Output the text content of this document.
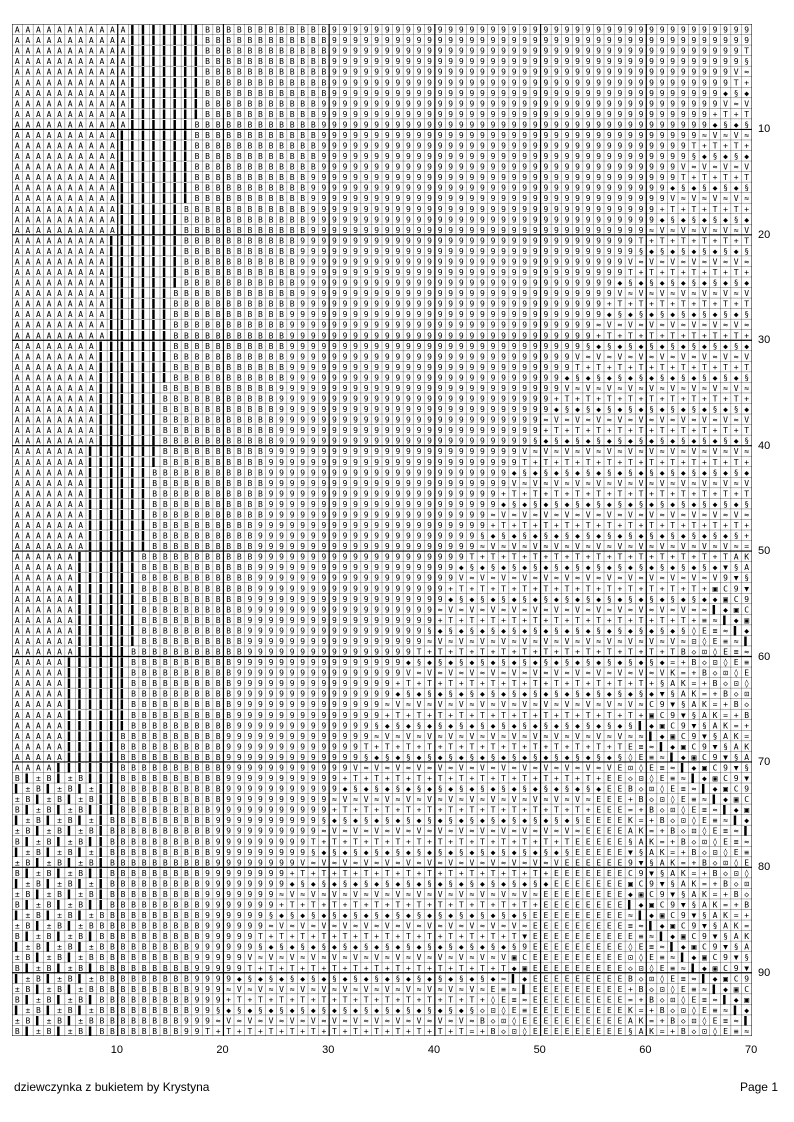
A A A A A A A A A A A ▌ ▌ ▌ ▌ ▌ ▌ ▌ B B B B B B B B B B B B 9 9 9 9 9 9 9 9 9 9 9 9 9 9 9 9 9 9 9 9 9 9 9 9 9 9 9 9 9 9 9 9 9 9 9 9 9 9 9 9
A A A A A A A A A A A ▌ ▌ ▌ ▌ ▌ ▌ ▌ B B B B B B B B B B B B 9 9 9 9 9 9 9 9 9 9 9 9 9 9 9 9 9 9 9 9 9 9 9 9 9 9 9 9 9 9 9 9 9 9 9 9 9 9 9 9
A A A A A A A A A A A ▌ ▌ ▌ ▌ ▌ ▌ ▌ B B B B B B B B B B B B 9 9 9 9 9 9 9 9 9 9 9 9 9 9 9 9 9 9 9 9 9 9 9 9 9 9 9 9 9 9 9 9 9 9 9 9 9 9 9 T
A A A A A A A A A A A ▌ ▌ ▌ ▌ ▌ ▌ ▌ B B B B B B B B B B B B 9 9 9 9 9 9 9 9 9 9 9 9 9 9 9 9 9 9 9 9 9 9 9 9 9 9 9 9 9 9 9 9 9 9 9 9 9 9 9 §
A A A A A A A A A A A ▌ ▌ ▌ ▌ ▌ ▌ ▌ B B B B B B B B B B B B 9 9 9 9 9 9 9 9 9 9 9 9 9 9 9 9 9 9 9 9 9 9 9 9 9 9 9 9 9 9 9 9 9 9 9 9 9 9 V ≈
A A A A A A A A A A A ▌ ▌ ▌ ▌ ▌ ▌ ▌ B B B B B B B B B B B B 9 9 9 9 9 9 9 9 9 9 9 9 9 9 9 9 9 9 9 9 9 9 9 9 9 9 9 9 9 9 9 9 9 9 9 9 9 9 T +
A A A A A A A A A A A ▌ ▌ ▌ ▌ ▌ ▌ ▌ B B B B B B B B B B B B 9 9 9 9 9 9 9 9 9 9 9 9 9 9 9 9 9 9 9 9 9 9 9 9 9 9 9 9 9 9 9 9 9 9 9 9 9 ◆ § ◆
A A A A A A A A A A A ▌ ▌ ▌ ▌ ▌ ▌ ▌ B B B B B B B B B B B 9 9 9 9 9 9 9 9 9 9 9 9 9 9 9 9 9 9 9 9 9 9 9 9 9 9 9 9 9 9 9 9 9 9 9 9 9 9 V ≈ V
A A A A A A A A A A A ▌ ▌ ▌ ▌ ▌ ▌ ▌ B B B B B B B B B B B 9 9 9 9 9 9 9 9 9 9 9 9 9 9 9 9 9 9 9 9 9 9 9 9 9 9 9 9 9 9 9 9 9 9 9 9 9 + T + T
A A A A A A A A A A A ▌ ▌ ▌ ▌ ▌ ▌ B B B B B B B B B B B B 9 9 9 9 9 9 9 9 9 9 9 9 9 9 9 9 9 9 9 9 9 9 9 9 9 9 9 9 9 9 9 9 9 9 9 9 9 ◆ § ◆ §
A A A A A A A A A A ▌ ▌ ▌ ▌ ▌ ▌ ▌ B B B B B B B B B B B B 9 9 9 9 9 9 9 9 9 9 9 9 9 9 9 9 9 9 9 9 9 9 9 9 9 9 9 9 9 9 9 9 9 9 9 9 ≈ V ≈ V ≈
A A A A A A A A A A ▌ ▌ ▌ ▌ ▌ ▌ ▌ B B B B B B B B B B B B 9 9 9 9 9 9 9 9 9 9 9 9 9 9 9 9 9 9 9 9 9 9 9 9 9 9 9 9 9 9 9 9 9 9 9 T + T + T +
A A A A A A A A A A ▌ ▌ ▌ ▌ ▌ ▌ ▌ B B B B B B B B B B B B 9 9 9 9 9 9 9 9 9 9 9 9 9 9 9 9 9 9 9 9 9 9 9 9 9 9 9 9 9 9 9 9 9 9 9 § ◆ § ◆ § ◆
A A A A A A A A A A ▌ ▌ ▌ ▌ ▌ ▌ ▌ B B B B B B B B B B B B 9 9 9 9 9 9 9 9 9 9 9 9 9 9 9 9 9 9 9 9 9 9 9 9 9 9 9 9 9 9 9 9 9 9 V ≈ V ≈ V ≈ V
A A A A A A A A A A ▌ ▌ ▌ ▌ ▌ ▌ ▌ B B B B B B B B B B B 9 9 9 9 9 9 9 9 9 9 9 9 9 9 9 9 9 9 9 9 9 9 9 9 9 9 9 9 9 9 9 9 9 9 9 T + T + T + T
A A A A A A A A A A ▌ ▌ ▌ ▌ ▌ ▌ ▌ B B B B B B B B B B B 9 9 9 9 9 9 9 9 9 9 9 9 9 9 9 9 9 9 9 9 9 9 9 9 9 9 9 9 9 9 9 9 9 9 ◆ § ◆ § ◆ § ◆ §
A A A A A A A A A A ▌ ▌ ▌ ▌ ▌ ▌ ▌ B B B B B B B B B B B 9 9 9 9 9 9 9 9 9 9 9 9 9 9 9 9 9 9 9 9 9 9 9 9 9 9 9 9 9 9 9 9 9 9 V ≈ V ≈ V ≈ V ≈
A A A A A A A A A A ▌ ▌ ▌ ▌ ▌ ▌ B B B B B B B B B B B B 9 9 9 9 9 9 9 9 9 9 9 9 9 9 9 9 9 9 9 9 9 9 9 9 9 9 9 9 9 9 9 9 9 + T + T + T + T +
A A A A A A A A A A ▌ ▌ ▌ ▌ ▌ ▌ B B B B B B B B B B B B 9 9 9 9 9 9 9 9 9 9 9 9 9 9 9 9 9 9 9 9 9 9 9 9 9 9 9 9 9 9 9 9 9 ◆ § ◆ § ◆ § ◆ § ◆
A A A A A A A A A A ▌ ▌ ▌ ▌ ▌ ▌ B B B B B B B B B B B B 9 9 9 9 9 9 9 9 9 9 9 9 9 9 9 9 9 9 9 9 9 9 9 9 9 9 9 9 9 9 9 9 ≈ V ≈ V ≈ V ≈ V ≈ V
A A A A A A A A A ▌ ▌ ▌ ▌ ▌ ▌ ▌ B B B B B B B B B B B 9 9 9 9 9 9 9 9 9 9 9 9 9 9 9 9 9 9 9 9 9 9 9 9 9 9 9 9 9 9 9 9 T + T + T + T + T + T
A A A A A A A A A ▌ ▌ ▌ ▌ ▌ ▌ ▌ B B B B B B B B B B B 9 9 9 9 9 9 9 9 9 9 9 9 9 9 9 9 9 9 9 9 9 9 9 9 9 9 9 9 9 9 9 9 § ◆ § ◆ § ◆ § ◆ § ◆ §
A A A A A A A A A ▌ ▌ ▌ ▌ ▌ ▌ ▌ B B B B B B B B B B B 9 9 9 9 9 9 9 9 9 9 9 9 9 9 9 9 9 9 9 9 9 9 9 9 9 9 9 9 9 9 9 V ≈ V ≈ V ≈ V ≈ V ≈ V ≈
A A A A A A A A A ▌ ▌ ▌ ▌ ▌ ▌ ▌ B B B B B B B B B B B 9 9 9 9 9 9 9 9 9 9 9 9 9 9 9 9 9 9 9 9 9 9 9 9 9 9 9 9 9 9 9 T + T + T + T + T + T +
A A A A A A A A A ▌ ▌ ▌ ▌ ▌ ▌ ▌ B B B B B B B B B B B 9 9 9 9 9 9 9 9 9 9 9 9 9 9 9 9 9 9 9 9 9 9 9 9 9 9 9 9 9 9 ◆ § ◆ § ◆ § ◆ § ◆ § ◆ § ◆
A A A A A A A A A ▌ ▌ ▌ ▌ ▌ ▌ B B B B B B B B B B B B 9 9 9 9 9 9 9 9 9 9 9 9 9 9 9 9 9 9 9 9 9 9 9 9 9 9 9 9 9 9 V ≈ V ≈ V ≈ V ≈ V ≈ V ≈ V
A A A A A A A A A ▌ ▌ ▌ ▌ ▌ ▌ B B B B B B B B B B B B 9 9 9 9 9 9 9 9 9 9 9 9 9 9 9 9 9 9 9 9 9 9 9 9 9 9 9 9 9 + T + T + T + T + T + T + T
A A A A A A A A A ▌ ▌ ▌ ▌ ▌ ▌ B B B B B B B B B B B 9 9 9 9 9 9 9 9 9 9 9 9 9 9 9 9 9 9 9 9 9 9 9 9 9 9 9 9 9 9 ◆ § ◆ § ◆ § ◆ § ◆ § ◆ § ◆ §
A A A A A A A A A ▌ ▌ ▌ ▌ ▌ ▌ B B B B B B B B B B B 9 9 9 9 9 9 9 9 9 9 9 9 9 9 9 9 9 9 9 9 9 9 9 9 9 9 9 9 9 ≈ V ≈ V ≈ V ≈ V ≈ V ≈ V ≈ V ≈
A A A A A A A A A ▌ ▌ ▌ ▌ ▌ ▌ B B B B B B B B B B B 9 9 9 9 9 9 9 9 9 9 9 9 9 9 9 9 9 9 9 9 9 9 9 9 9 9 9 9 9 + T + T + T + T + T + T + T +
A A A A A A A A ▌ ▌ ▌ ▌ ▌ ▌ ▌ B B B B B B B B B B B 9 9 9 9 9 9 9 9 9 9 9 9 9 9 9 9 9 9 9 9 9 9 9 9 9 9 9 9 § ◆ § ◆ § ◆ § ◆ § ◆ § ◆ § ◆ § ◆
A A A A A A A A ▌ ▌ ▌ ▌ ▌ ▌ ▌ B B B B B B B B B B B 9 9 9 9 9 9 9 9 9 9 9 9 9 9 9 9 9 9 9 9 9 9 9 9 9 9 9 V ≈ V ≈ V ≈ V ≈ V ≈ V ≈ V ≈ V ≈ V
A A A A A A A A ▌ ▌ ▌ ▌ ▌ ▌ ▌ B B B B B B B B B B B 9 9 9 9 9 9 9 9 9 9 9 9 9 9 9 9 9 9 9 9 9 9 9 9 9 9 9 T + T + T + T + T + T + T + T + T
A A A A A A A A ▌ ▌ ▌ ▌ ▌ ▌ ▌ B B B B B B B B B B B 9 9 9 9 9 9 9 9 9 9 9 9 9 9 9 9 9 9 9 9 9 9 9 9 9 9 ◆ § ◆ § ◆ § ◆ § ◆ § ◆ § ◆ § ◆ § ◆ §
A A A A A A A A ▌ ▌ ▌ ▌ ▌ ▌ B B B B B B B B B B B 9 9 9 9 9 9 9 9 9 9 9 9 9 9 9 9 9 9 9 9 9 9 9 9 9 9 9 V ≈ V ≈ V ≈ V ≈ V ≈ V ≈ V ≈ V ≈ V ≈
A A A A A A A A ▌ ▌ ▌ ▌ ▌ ▌ B B B B B B B B B B B 9 9 9 9 9 9 9 9 9 9 9 9 9 9 9 9 9 9 9 9 9 9 9 9 9 9 + T + T + T + T + T + T + T + T + T +
A A A A A A A A ▌ ▌ ▌ ▌ ▌ ▌ B B B B B B B B B B B 9 9 9 9 9 9 9 9 9 9 9 9 9 9 9 9 9 9 9 9 9 9 9 9 9 9 ◆ § ◆ § ◆ § ◆ § ◆ § ◆ § ◆ § ◆ § ◆ § ◆
A A A A A A A A ▌ ▌ ▌ ▌ ▌ ▌ B B B B B B B B B B B 9 9 9 9 9 9 9 9 9 9 9 9 9 9 9 9 9 9 9 9 9 9 9 9 9 ≈ V ≈ V ≈ V ≈ V ≈ V ≈ V ≈ V ≈ V ≈ V ≈ V
A A A A A A A A ▌ ▌ ▌ ▌ ▌ ▌ B B B B B B B B B B B 9 9 9 9 9 9 9 9 9 9 9 9 9 9 9 9 9 9 9 9 9 9 9 9 9 + T + T + T + T + T + T + T + T + T + T
A A A A A A A A ▌ ▌ ▌ ▌ ▌ ▌ B B B B B B B B B B B 9 9 9 9 9 9 9 9 9 9 9 9 9 9 9 9 9 9 9 9 9 9 9 9 § ◆ § ◆ § ◆ § ◆ § ◆ § ◆ § ◆ § ◆ § ◆ § ◆ §
A A A A A A A ▌ ▌ ▌ ▌ ▌ ▌ ▌ B B B B B B B B B B 9 9 9 9 9 9 9 9 9 9 9 9 9 9 9 9 9 9 9 9 9 9 9 9 V ≈ V ≈ V ≈ V ≈ V ≈ V ≈ V ≈ V ≈ V ≈ V ≈ V ≈
A A A A A A A ▌ ▌ ▌ ▌ ▌ ▌ ▌ B B B B B B B B B B 9 9 9 9 9 9 9 9 9 9 9 9 9 9 9 9 9 9 9 9 9 9 9 9 T + T + T + T + T + T + T + T + T + T + T +
A A A A A A A ▌ ▌ ▌ ▌ ▌ ▌ B B B B B B B B B B B 9 9 9 9 9 9 9 9 9 9 9 9 9 9 9 9 9 9 9 9 9 9 9 ◆ § ◆ § ◆ § ◆ § ◆ § ◆ § ◆ § ◆ § ◆ § ◆ § ◆ § ◆
A A A A A A A ▌ ▌ ▌ ▌ ▌ ▌ B B B B B B B B B B B 9 9 9 9 9 9 9 9 9 9 9 9 9 9 9 9 9 9 9 9 9 9 9 V ≈ V ≈ V ≈ V ≈ V ≈ V ≈ V ≈ V ≈ V ≈ V ≈ V ≈ V
A A A A A A A ▌ ▌ ▌ ▌ ▌ ▌ B B B B B B B B B B B 9 9 9 9 9 9 9 9 9 9 9 9 9 9 9 9 9 9 9 9 9 9 + T + T + T + T + T + T + T + T + T + T + T + T
A A A A A A A ▌ ▌ ▌ ▌ ▌ ▌ B B B B B B B B B B B 9 9 9 9 9 9 9 9 9 9 9 9 9 9 9 9 9 9 9 9 9 9 ◆ § ◆ § ◆ § ◆ § ◆ § ◆ § ◆ § ◆ § ◆ § ◆ § ◆ § ◆ §
A A A A A A A ▌ ▌ ▌ ▌ ▌ ▌ B B B B B B B B B B B 9 9 9 9 9 9 9 9 9 9 9 9 9 9 9 9 9 9 9 9 9 ≈ V ≈ V ≈ V ≈ V ≈ V ≈ V ≈ V ≈ V ≈ V ≈ V ≈ V ≈ V ≈
A A A A A A A ▌ ▌ ▌ ▌ ▌ ▌ B B B B B B B B B B 9 9 9 9 9 9 9 9 9 9 9 9 9 9 9 9 9 9 9 9 9 9 + T + T + T + T + T + T + T + T + T + T + T + T +
A A A A A A A ▌ ▌ ▌ ▌ ▌ ▌ B B B B B B B B B B 9 9 9 9 9 9 9 9 9 9 9 9 9 9 9 9 9 9 9 9 9 § ◆ § ◆ § ◆ § ◆ § ◆ § ◆ § ◆ § ◆ § ◆ § ◆ § ◆ § ◆ § +
A A A A A A A ▌ ▌ ▌ ▌ ▌ ▌ B B B B B B B B B B 9 9 9 9 9 9 9 9 9 9 9 9 9 9 9 9 9 9 9 9 9 ≈ V ≈ V ≈ V ≈ V ≈ V ≈ V ≈ V ≈ V ≈ V ≈ V ≈ V ≈ V ≈ =
A A A A A A ▌ ▌ ▌ ▌ ▌ ▌ B B B B B B B B B B B 9 9 9 9 9 9 9 9 9 9 9 9 9 9 9 9 9 9 9 9 T + T + T + T + T + T + T + T + T + T + T + T + T A K
A A A A A A ▌ ▌ ▌ ▌ ▌ ▌ B B B B B B B B B B B 9 9 9 9 9 9 9 9 9 9 9 9 9 9 9 9 9 9 9 ◆ § ◆ § ◆ § ◆ § ◆ § ◆ § ◆ § ◆ § ◆ § ◆ § ◆ § ◆ § ◆ ▼ § A
A A A A A A ▌ ▌ ▌ ▌ ▌ ▌ B B B B B B B B B B B 9 9 9 9 9 9 9 9 9 9 9 9 9 9 9 9 9 9 9 V ≈ V ≈ V ≈ V ≈ V ≈ V ≈ V ≈ V ≈ V ≈ V ≈ V ≈ V ≈ V 9 ▼ §
A A A A A A ▌ ▌ ▌ ▌ ▌ ▌ B B B B B B B B B B B 9 9 9 9 9 9 9 9 9 9 9 9 9 9 9 9 9 9 + T + T + T + T + T + T + T + T + T + T + T + T + ▣ C 9 ▼
A A A A A A ▌ ▌ ▌ ▌ ▌ ▌ B B B B B B B B B B 9 9 9 9 9 9 9 9 9 9 9 9 9 9 9 9 9 9 9 ◆ § ◆ § ◆ § ◆ § ◆ § ◆ § ◆ § ◆ § ◆ § ◆ § ◆ § ◆ § ◆ ◆ ▣ C 9
A A A A A A ▌ ▌ ▌ ▌ ▌ ▌ B B B B B B B B B B 9 9 9 9 9 9 9 9 9 9 9 9 9 9 9 9 9 9 ≈ V ≈ V ≈ V ≈ V ≈ V ≈ V ≈ V ≈ V ≈ V ≈ V ≈ V ≈ V ≈ ≈ ▌ ◆ ▣ C
A A A A A A ▌ ▌ ▌ ▌ ▌ ▌ B B B B B B B B B B 9 9 9 9 9 9 9 9 9 9 9 9 9 9 9 9 9 9 + T + T + T + T + T + T + T + T + T + T + T + T + ≡ ≈ ▌ ◆ ▣
A A A A A A ▌ ▌ ▌ ▌ ▌ ▌ B B B B B B B B B B 9 9 9 9 9 9 9 9 9 9 9 9 9 9 9 9 9 § ◆ § ◆ § ◆ § ◆ § ◆ § ◆ § ◆ § ◆ § ◆ § ◆ § ◆ § ◆ § ◊ E ≡ ≈ ▌ ◆
A A A A A A ▌ ▌ ▌ ▌ ▌ ▌ B B B B B B B B B B 9 9 9 9 9 9 9 9 9 9 9 9 9 9 9 9 9 ≈ V ≈ V ≈ V ≈ V ≈ V ≈ V ≈ V ≈ V ≈ V ≈ V ≈ V ≈ V ≈ ⊡ ◊ E ≡ ≈ ▌
A A A A A A ▌ ▌ ▌ ▌ ▌ B B B B B B B B B B B 9 9 9 9 9 9 9 9 9 9 9 9 9 9 9 9 T + T + T + T + T + T + T + T + T + T + T + T + T B ◇ ⊡ ◊ E ≡ ≈
A A A A A ▌ ▌ ▌ ▌ ▌ ▌ B B B B B B B B B B 9 9 9 9 9 9 9 9 9 9 9 9 9 9 9 9 ◆ § ◆ § ◆ § ◆ § ◆ § ◆ § ◆ § ◆ § ◆ § ◆ § ◆ § ◆ § ◆ = + B ◇ ⊡ ◊ E ≡
A A A A A ▌ ▌ ▌ ▌ ▌ ▌ B B B B B B B B B B 9 9 9 9 9 9 9 9 9 9 9 9 9 9 9 9 V ≈ V ≈ V ≈ V ≈ V ≈ V ≈ V ≈ V ≈ V ≈ V ≈ V ≈ V ≈ V K = + B ◇ ⊡ ◊ E
A A A A A ▌ ▌ ▌ ▌ ▌ ▌ B B B B B B B B B B 9 9 9 9 9 9 9 9 9 9 9 9 9 9 9 + T + T + T + T + T + T + T + T + T + T + T + T + § A K = + B ◇ ⊡ ◊
A A A A A ▌ ▌ ▌ ▌ ▌ ▌ B B B B B B B B B B 9 9 9 9 9 9 9 9 9 9 9 9 9 9 9 ◆ § ◆ § ◆ § ◆ § ◆ § ◆ § ◆ § ◆ § ◆ § ◆ § ◆ § ◆ § ◆ ▼ § A K = + B ◇ ⊡
A A A A A ▌ ▌ ▌ ▌ ▌ ▌ B B B B B B B B B B 9 9 9 9 9 9 9 9 9 9 9 9 9 9 ≈ V ≈ V ≈ V ≈ V ≈ V ≈ V ≈ V ≈ V ≈ V ≈ V ≈ V ≈ V ≈ C 9 ▼ § A K = + B ◇
A A A A A ▌ ▌ ▌ ▌ ▌ ▌ B B B B B B B B B B 9 9 9 9 9 9 9 9 9 9 9 9 9 9 + T + T + T + T + T + T + T + T + T + T + T + T + ▣ C 9 ▼ § A K = + B
A A A A A ▌ ▌ ▌ ▌ ▌ ▌ B B B B B B B B B B 9 9 9 9 9 9 9 9 9 9 9 9 9 § ◆ § ◆ § ◆ § ◆ § ◆ § ◆ § ◆ § ◆ § ◆ § ◆ § ◆ § ◆ § ▌ ◆ ▣ C 9 ▼ § A K = +
A A A A A ▌ ▌ ▌ ▌ ▌ B B B B B B B B B B 9 9 9 9 9 9 9 9 9 9 9 9 9 9 ≈ V ≈ V ≈ V ≈ V ≈ V ≈ V ≈ V ≈ V ≈ V ≈ V ≈ V ≈ V ≈ ≈ ▌ ◆ ▣ C 9 ▼ § A K =
A A A A A ▌ ▌ ▌ ▌ ▌ B B B B B B B B B B 9 9 9 9 9 9 9 9 9 9 9 9 9 T + T + T + T + T + T + T + T + T + T + T + T + T E ≡ ≈ ▌ ◆ ▣ C 9 ▼ § A K
A A A A A ▌ ▌ ▌ ▌ ▌ B B B B B B B B B B 9 9 9 9 9 9 9 9 9 9 9 9 9 § ◆ § ◆ § ◆ § ◆ § ◆ § ◆ § ◆ § ◆ § ◆ § ◆ § ◆ § ◆ § ◊ E ≡ ≈ ▌ ◆ ▣ C 9 ▼ § A
A A A A ▌ ▌ ▌ ▌ ▌ ▌ B B B B B B B B B B 9 9 9 9 9 9 9 9 9 9 9 9 V ≈ V ≈ V ≈ V ≈ V ≈ V ≈ V ≈ V ≈ V ≈ V ≈ V ≈ V ≈ V E ⊡ ◊ E ≡ ≈ ▌ ◆ ▣ C 9 ▼ §
B ▌ ± B ▌ ± B ▌ ▌ ▌ B B B B B B B B B B 9 9 9 9 9 9 9 9 9 9 9 + T + T + T + T + T + T + T + T + T + T + T + T + E E ◇ ⊡ ◊ E ≡ ≈ ▌ ◆ ▣ C 9 ▼
▌ ± B ▌ ± B ▌ ± ▌ ▌ B B B B B B B B B B 9 9 9 9 9 9 9 9 9 9 9 ◆ § ◆ § ◆ § ◆ § ◆ § ◆ § ◆ § ◆ § ◆ § ◆ § ◆ § ◆ § ◆ E E B ◇ ⊡ ◊ E ≡ ≈ ▌ ◆ ▣ C 9
± B ▌ ± B ▌ ± B ▌ ▌ B B B B B B B B B B 9 9 9 9 9 9 9 9 9 9 ≈ V ≈ V ≈ V ≈ V ≈ V ≈ V ≈ V ≈ V ≈ V ≈ V ≈ V ≈ V ≈ E E E + B ◇ ⊡ ◊ E ≡ ≈ ▌ ◆ ▣ C
B ▌ ± B ▌ ± B ▌ ▌ ▌ B B B B B B B B B 9 9 9 9 9 9 9 9 9 9 9 + T + T + T + T + T + T + T + T + T + T + T + T + E E E = + B ◇ ⊡ ◊ E ≡ ≈ ▌ ◆ ▣
▌ ± B ▌ ± B ▌ ± ▌ B B B B B B B B B B 9 9 9 9 9 9 9 9 9 9 § ◆ § ◆ § ◆ § ◆ § ◆ § ◆ § ◆ § ◆ § ◆ § ◆ § ◆ § ◆ § E E E E K = + B ◇ ⊡ ◊ E ≡ ≈ ▌ ◆
± B ▌ ± B ▌ ± B ▌ B B B B B B B B B B 9 9 9 9 9 9 9 9 9 9 ≈ V ≈ V ≈ V ≈ V ≈ V ≈ V ≈ V ≈ V ≈ V ≈ V ≈ V ≈ V ≈ E E E E A K = + B ◇ ⊡ ◊ E ≡ ≈ ▌
B ▌ ± B ▌ ± B ▌ ▌ B B B B B B B B B B 9 9 9 9 9 9 9 9 9 T + T + T + T + T + T + T + T + T + T + T + T + T E E E E E § A K = + B ◇ ⊡ ◊ E ≡ ≈
▌ ± B ▌ ± B ▌ ± ▌ B B B B B B B B B B 9 9 9 9 9 9 9 9 9 § ◆ § ◆ § ◆ § ◆ § ◆ § ◆ § ◆ § ◆ § ◆ § ◆ § ◆ § ◆ § E E E E E ▼ § A K = + B ◇ ⊡ ◊ E ≡
± B ▌ ± B ▌ ± B ▌ B B B B B B B B B B 9 9 9 9 9 9 9 9 V ≈ V ≈ V ≈ V ≈ V ≈ V ≈ V ≈ V ≈ V ≈ V ≈ V ≈ V ≈ V E E E E E E 9 ▼ § A K = + B ◇ ⊡ ◊ E
B ▌ ± B ▌ ± B ▌ ▌ B B B B B B B B B 9 9 9 9 9 9 9 9 + T + T + T + T + T + T + T + T + T + T + T + T + E E E E E E E C 9 ▼ § A K = + B ◇ ⊡ ◊
▌ ± B ▌ ± B ▌ ± ▌ B B B B B B B B B 9 9 9 9 9 9 9 9 ◆ § ◆ § ◆ § ◆ § ◆ § ◆ § ◆ § ◆ § ◆ § ◆ § ◆ § ◆ § ◆ E E E E E E E ▣ C 9 ▼ § A K = + B ◇ ⊡
± B ▌ ± B ▌ ± B ▌ B B B B B B B B B 9 9 9 9 9 9 9 ≈ V ≈ V ≈ V ≈ V ≈ V ≈ V ≈ V ≈ V ≈ V ≈ V ≈ V ≈ V ≈ E E E E E E E E ◆ ▣ C 9 ▼ § A K = + B ◇
B ▌ ± B ▌ ± B ▌ ▌ B B B B B B B B B 9 9 9 9 9 9 9 + T + T + T + T + T + T + T + T + T + T + T + T + E E E E E E E E ▌ ◆ ▣ C 9 ▼ § A K = + B
▌ ± B ▌ ± B ▌ ± B B B B B B B B B B 9 9 9 9 9 9 § ◆ § ◆ § ◆ § ◆ § ◆ § ◆ § ◆ § ◆ § ◆ § ◆ § ◆ § ◆ § E E E E E E E E E ≈ ▌ ◆ ▣ C 9 ▼ § A K = +
± B ▌ ± B ▌ ± B B B B B B B B B B B 9 9 9 9 9 9 ≈ V ≈ V ≈ V ≈ V ≈ V ≈ V ≈ V ≈ V ≈ V ≈ V ≈ V ≈ V ≈ E E E E E E E E E ≡ ≈ ▌ ◆ ▣ C 9 ▼ § A K =
B ▌ ± B ▌ ± B ▌ B B B B B B B B B B 9 9 9 9 9 T + T + T + T + T + T + T + T + T + T + T + T + T ▼ E E E E E E E E E E ≡ ≈ ▌ ◆ ▣ C 9 ▼ § A K
▌ ± B ▌ ± B ▌ ± B B B B B B B B B 9 9 9 9 9 9 § ◆ § ◆ § ◆ § ◆ § ◆ § ◆ § ◆ § ◆ § ◆ § ◆ § ◆ § ◆ § 9 E E E E E E E E E ◊ E ≡ ≈ ▌ ◆ ▣ C 9 ▼ § A
± B ▌ ± B ▌ ± B B B B B B B B B B 9 9 9 9 9 V ≈ V ≈ V ≈ V ≈ V ≈ V ≈ V ≈ V ≈ V ≈ V ≈ V ≈ V ≈ V ▣ C E E E E E E E E E ⊡ ◊ E ≡ ≈ ▌ ◆ ▣ C 9 ▼ §
B ▌ ± B ▌ ± B ▌ B B B B B B B B B 9 9 9 9 9 T + T + T + T + T + T + T + T + T + T + T + T + T ◆ ▣ E E E E E E E E E ◇ ⊡ ◊ E ≡ ≈ ▌ ◆ ▣ C 9 ▼
▌ ± B ▌ ± B ▌ ± B B B B B B B B B 9 9 9 9 ◆ § ◆ § ◆ § ◆ § ◆ § ◆ § ◆ § ◆ § ◆ § ◆ § ◆ § ◆ § ◆ ≈ ▌ ◆ E E E E E E E E E B ◇ ⊡ ◊ E ≡ ≈ ▌ ◆ ▣ C 9
± B ▌ ± B ▌ ± B B B B B B B B B B 9 9 9 ≈ V ≈ V ≈ V ≈ V ≈ V ≈ V ≈ V ≈ V ≈ V ≈ V ≈ V ≈ V ≈ E ≡ ≈ ▌ E E E E E E E E E + B ◇ ⊡ ◊ E ≡ ≈ ▌ ◆ ▣ C
B ▌ ± B ▌ ± B ▌ B B B B B B B B B 9 9 9 + T + T + T + T + T + T + T + T + T + T + T + T + ◊ E ≡ ≈ E E E E E E E E E = + B ◇ ⊡ ◊ E ≡ ≈ ▌ ◆ ▣
▌ ± B ▌ ± B ▌ ± B B B B B B B B B 9 9 § ◆ § ◆ § ◆ § ◆ § ◆ § ◆ § ◆ § ◆ § ◆ § ◆ § ◆ § ◆ § ◇ ⊡ ◊ E ≡ E E E E E E E E E K = + B ◇ ⊡ ◊ E ≡ ≈ ▌ ◆
± B ▌ ± B ▌ ± B B B B B B B B B 9 9 9 ≈ V ≈ V ≈ V ≈ V ≈ V ≈ V ≈ V ≈ V ≈ V ≈ V ≈ V ≈ V ≈ B ◇ ⊡ ◊ E E E E E E E E E E A K = + B ◇ ⊡ ◊ E ≡ ≈ ▌
B ▌ ± B ▌ ± B ▌ B B B B B B B B 9 9 T + T + T + T + T + T + T + T + T + T + T + T + T = + B ◇ ⊡ ◊ E E E E E E E E E § A K = + B ◇ ⊡ ◊ E ≡ ≈
10	20	30	40	50	60	70
10
20
30
40
50
60
70
80
90
dziewczynka z bukietem by Krystyna	Page 1
